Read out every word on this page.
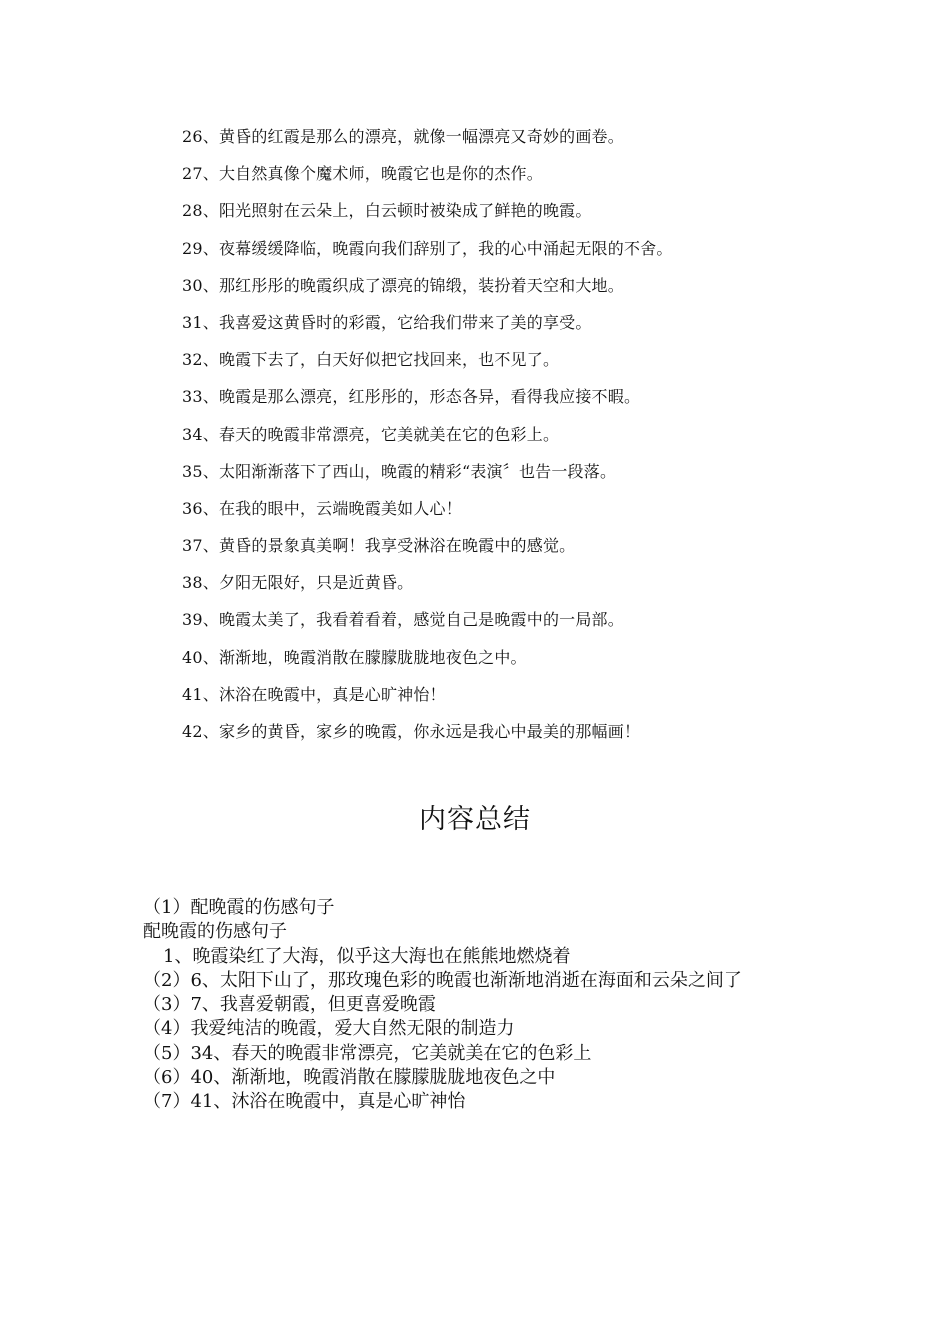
26、黄昏的红霞是那么的漂亮，就像一幅漂亮又奇妙的画卷。
27、大自然真像个魔术师，晚霞它也是你的杰作。
28、阳光照射在云朵上，白云顿时被染成了鲜艳的晚霞。
29、夜幕缓缓降临，晚霞向我们辞别了，我的心中涌起无限的不舍。
30、那红彤彤的晚霞织成了漂亮的锦缎，装扮着天空和大地。
31、我喜爱这黄昏时的彩霞，它给我们带来了美的享受。
32、晚霞下去了，白天好似把它找回来，也不见了。
33、晚霞是那么漂亮，红彤彤的，形态各异，看得我应接不暇。
34、春天的晚霞非常漂亮，它美就美在它的色彩上。
35、太阳渐渐落下了西山，晚霞的精彩“表演〞也告一段落。
36、在我的眼中，云端晚霞美如人心！
37、黄昏的景象真美啊！我享受淋浴在晚霞中的感觉。
38、夕阳无限好，只是近黄昏。
39、晚霞太美了，我看着看着，感觉自己是晚霞中的一局部。
40、渐渐地，晚霞消散在朦朦胧胧地夜色之中。
41、沐浴在晚霞中，真是心旷神怡！
42、家乡的黄昏，家乡的晚霞，你永远是我心中最美的那幅画！
内容总结
（1）配晚霞的伤感句子
配晚霞的伤感句子
1、晚霞染红了大海，似乎这大海也在熊熊地燃烧着
（2）6、太阳下山了，那玫瑰色彩的晚霞也渐渐地消逝在海面和云朵之间了
（3）7、我喜爱朝霞，但更喜爱晚霞
（4）我爱纯洁的晚霞，爱大自然无限的制造力
（5）34、春天的晚霞非常漂亮，它美就美在它的色彩上
（6）40、渐渐地，晚霞消散在朦朦胧胧地夜色之中
（7）41、沐浴在晚霞中，真是心旷神怡
